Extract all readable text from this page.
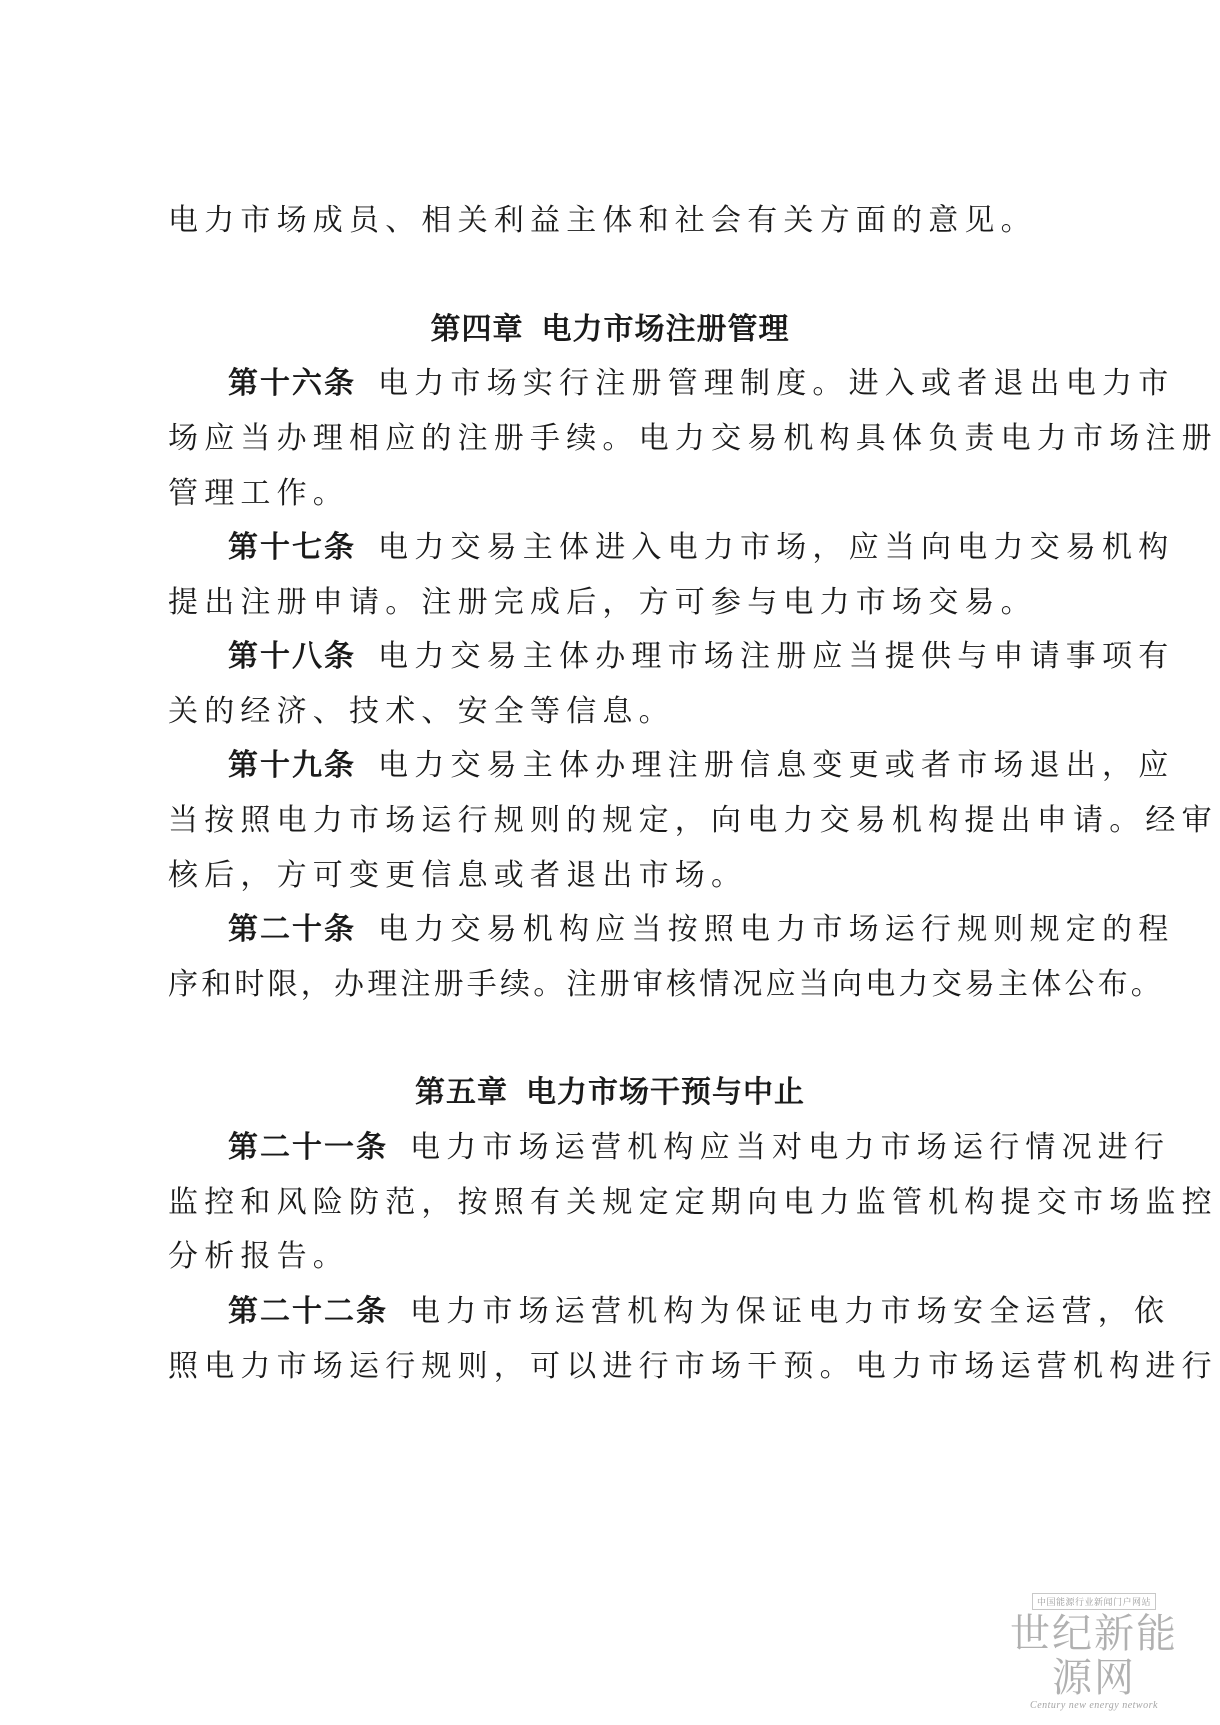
电力市场成员、相关利益主体和社会有关方面的意见。
第四章 电力市场注册管理
第十六条 电力市场实行注册管理制度。进入或者退出电力市
场应当办理相应的注册手续。电力交易机构具体负责电力市场注册
管理工作。
第十七条 电力交易主体进入电力市场，应当向电力交易机构
提出注册申请。注册完成后，方可参与电力市场交易。
第十八条 电力交易主体办理市场注册应当提供与申请事项有
关的经济、技术、安全等信息。
第十九条 电力交易主体办理注册信息变更或者市场退出，应
当按照电力市场运行规则的规定，向电力交易机构提出申请。经审
核后，方可变更信息或者退出市场。
第二十条 电力交易机构应当按照电力市场运行规则规定的程
序和时限，办理注册手续。注册审核情况应当向电力交易主体公布。
第五章 电力市场干预与中止
第二十一条 电力市场运营机构应当对电力市场运行情况进行
监控和风险防范，按照有关规定定期向电力监管机构提交市场监控
分析报告。
第二十二条 电力市场运营机构为保证电力市场安全运营，依
照电力市场运行规则，可以进行市场干预。电力市场运营机构进行
中国能源行业新闻门户网站
世纪新能源网
Century new energy network
